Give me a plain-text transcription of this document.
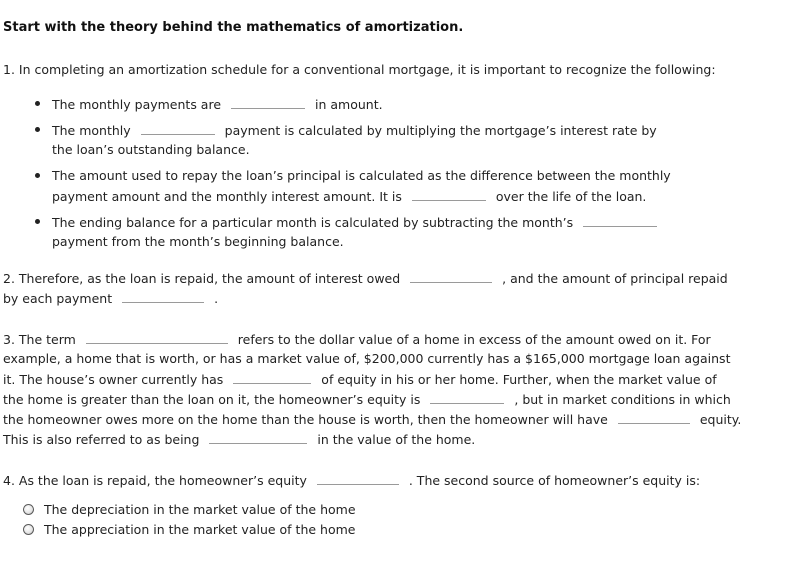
Start with the theory behind the mathematics of amortization.
1. In completing an amortization schedule for a conventional mortgage, it is important to recognize the following:
The monthly payments are	in amount.
The monthly	payment is calculated by multiplying the mortgage’s interest rate by
the loan’s outstanding balance.
The amount used to repay the loan’s principal is calculated as the difference between the monthly
payment amount and the monthly interest amount. It is	over the life of the loan.
The ending balance for a particular month is calculated by subtracting the month’s
payment from the month’s beginning balance.
2. Therefore, as the loan is repaid, the amount of interest owed	, and the amount of principal repaid
by each payment	.
3. The term	refers to the dollar value of a home in excess of the amount owed on it. For
example, a home that is worth, or has a market value of, $200,000 currently has a $165,000 mortgage loan against
it. The house’s owner currently has	of equity in his or her home. Further, when the market value of
the home is greater than the loan on it, the homeowner’s equity is	, but in market conditions in which
the homeowner owes more on the home than the house is worth, then the homeowner will have	equity.
This is also referred to as being	in the value of the home.
4. As the loan is repaid, the homeowner’s equity	. The second source of homeowner’s equity is:
The depreciation in the market value of the home
The appreciation in the market value of the home
